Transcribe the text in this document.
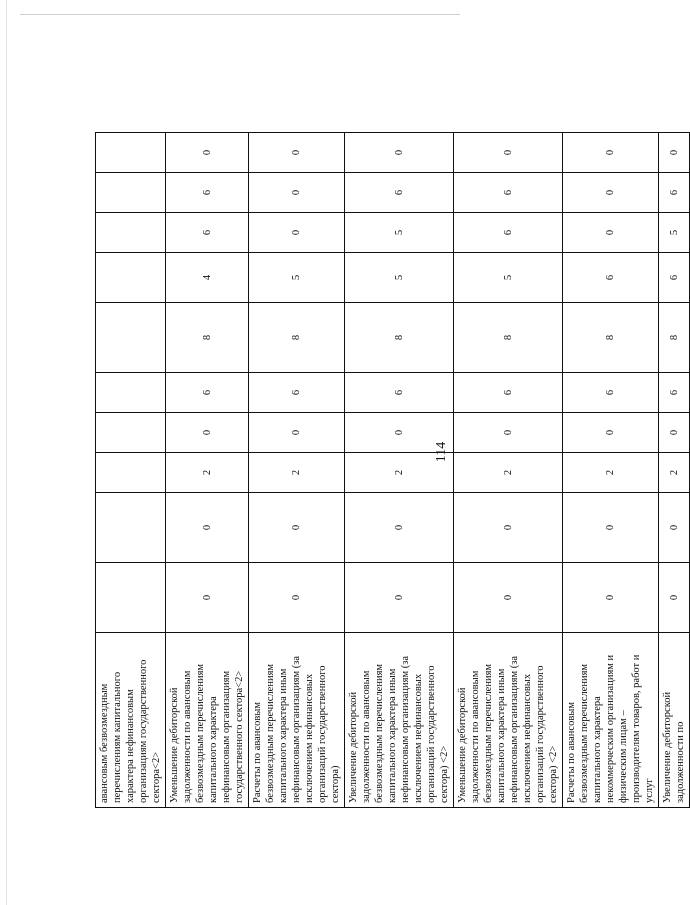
114
авансовым безвозмездным перечислениям капитального характера нефинансовым организациям государственного сектора<2>										
Уменьшение дебиторской задолженности по авансовым безвозмездным перечислениям капитального характера нефинансовым организациям государственного сектора<2>	0	0	2	0	6	8	4	6	6	0
Расчеты по авансовым безвозмездным перечислениям капитального характера иным нефинансовым организациям (за исключением нефинансовых организаций государственного сектора)	0	0	2	0	6	8	5	0	0	0
Увеличение дебиторской задолженности по авансовым безвозмездным перечислениям капитального характера иным нефинансовым организациям (за исключением нефинансовых организаций государственного сектора) <2>	0	0	2	0	6	8	5	5	6	0
Уменьшение дебиторской задолженности по авансовым безвозмездным перечислениям капитального характера иным нефинансовым организациям (за исключением нефинансовых организаций государственного сектора) <2>	0	0	2	0	6	8	5	6	6	0
Расчеты по авансовым безвозмездным перечислениям капитального характера некоммерческим организациям и физическим лицам – производителям товаров, работ и услуг	0	0	2	0	6	8	6	0	0	0
Увеличение дебиторской задолженности по	0	0	2	0	6	8	6	5	6	0
